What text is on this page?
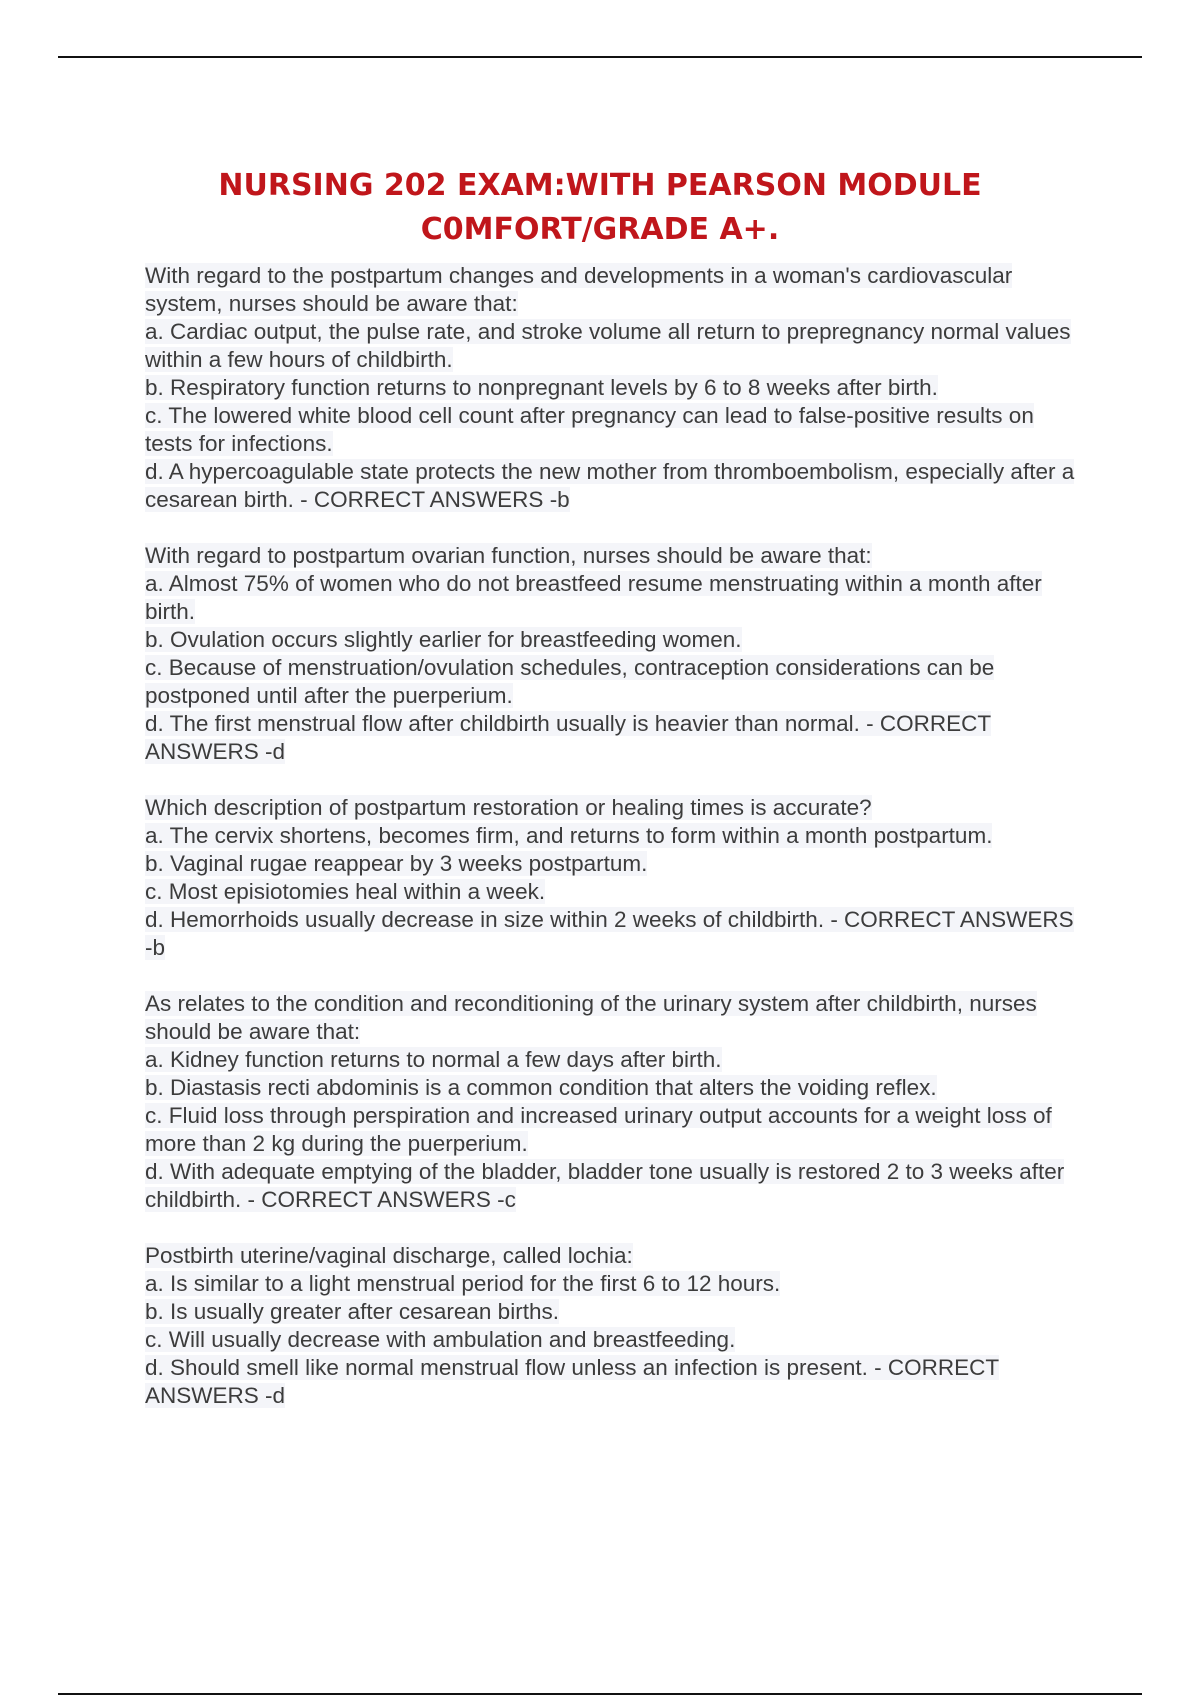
NURSING 202 EXAM:WITH PEARSON MODULE
C0MFORT/GRADE A+.

With regard to the postpartum changes and developments in a woman's cardiovascular system, nurses should be aware that:

a. Cardiac output, the pulse rate, and stroke volume all return to prepregnancy normal values within a few hours of childbirth.

b. Respiratory function returns to nonpregnant levels by 6 to 8 weeks after birth.

c. The lowered white blood cell count after pregnancy can lead to false-positive results on tests for infections.

d. A hypercoagulable state protects the new mother from thromboembolism, especially after a cesarean birth. - CORRECT ANSWERS -b

With regard to postpartum ovarian function, nurses should be aware that:

a. Almost 75% of women who do not breastfeed resume menstruating within a month after birth.

b. Ovulation occurs slightly earlier for breastfeeding women.

c. Because of menstruation/ovulation schedules, contraception considerations can be postponed until after the puerperium.

d. The first menstrual flow after childbirth usually is heavier than normal. - CORRECT ANSWERS -d

Which description of postpartum restoration or healing times is accurate?

a. The cervix shortens, becomes firm, and returns to form within a month postpartum.

b. Vaginal rugae reappear by 3 weeks postpartum.

c. Most episiotomies heal within a week.

d. Hemorrhoids usually decrease in size within 2 weeks of childbirth. - CORRECT ANSWERS -b

As relates to the condition and reconditioning of the urinary system after childbirth, nurses should be aware that:

a. Kidney function returns to normal a few days after birth.

b. Diastasis recti abdominis is a common condition that alters the voiding reflex.

c. Fluid loss through perspiration and increased urinary output accounts for a weight loss of more than 2 kg during the puerperium.

d. With adequate emptying of the bladder, bladder tone usually is restored 2 to 3 weeks after childbirth. - CORRECT ANSWERS -c

Postbirth uterine/vaginal discharge, called lochia:

a. Is similar to a light menstrual period for the first 6 to 12 hours.

b. Is usually greater after cesarean births.

c. Will usually decrease with ambulation and breastfeeding.

d. Should smell like normal menstrual flow unless an infection is present. - CORRECT ANSWERS -d
